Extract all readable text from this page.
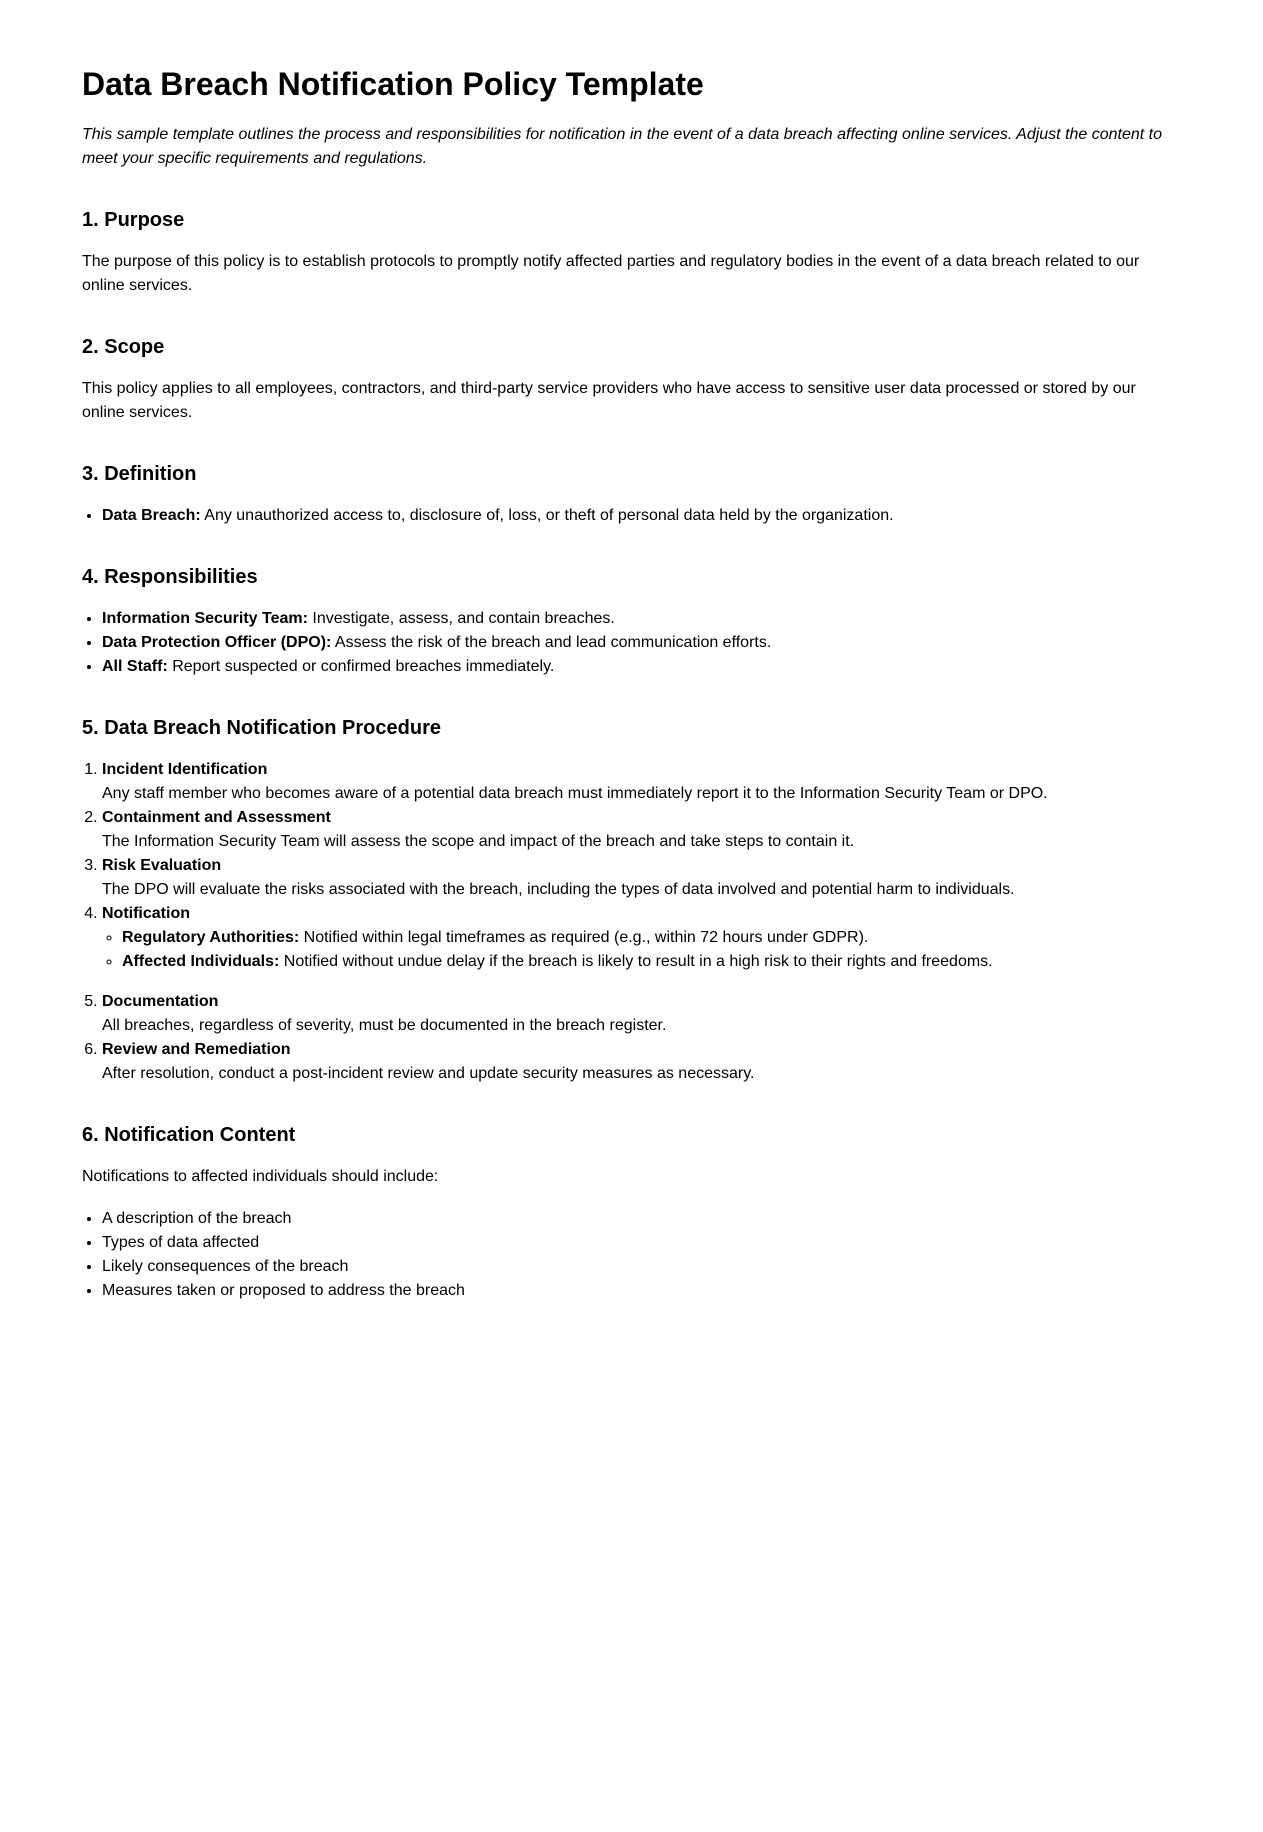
Data Breach Notification Policy Template

This sample template outlines the process and responsibilities for notification in the event of a data breach affecting online services. Adjust the content to meet your specific requirements and regulations.

1. Purpose

The purpose of this policy is to establish protocols to promptly notify affected parties and regulatory bodies in the event of a data breach related to our online services.

2. Scope

This policy applies to all employees, contractors, and third-party service providers who have access to sensitive user data processed or stored by our online services.

3. Definition
• Data Breach: Any unauthorized access to, disclosure of, loss, or theft of personal data held by the organization.
4. Responsibilities
• Information Security Team: Investigate, assess, and contain breaches.
• Data Protection Officer (DPO): Assess the risk of the breach and lead communication efforts.
• All Staff: Report suspected or confirmed breaches immediately.
5. Data Breach Notification Procedure
1. Incident Identification
Any staff member who becomes aware of a potential data breach must immediately report it to the Information Security Team or DPO.
2. Containment and Assessment
The Information Security Team will assess the scope and impact of the breach and take steps to contain it.
3. Risk Evaluation
The DPO will evaluate the risks associated with the breach, including the types of data involved and potential harm to individuals.
4. Notification
◦ Regulatory Authorities: Notified within legal timeframes as required (e.g., within 72 hours under GDPR).
◦ Affected Individuals: Notified without undue delay if the breach is likely to result in a high risk to their rights and freedoms.
5. Documentation
All breaches, regardless of severity, must be documented in the breach register.
6. Review and Remediation
After resolution, conduct a post-incident review and update security measures as necessary.
6. Notification Content

Notifications to affected individuals should include:

• A description of the breach
• Types of data affected
• Likely consequences of the breach
• Measures taken or proposed to address the breach
